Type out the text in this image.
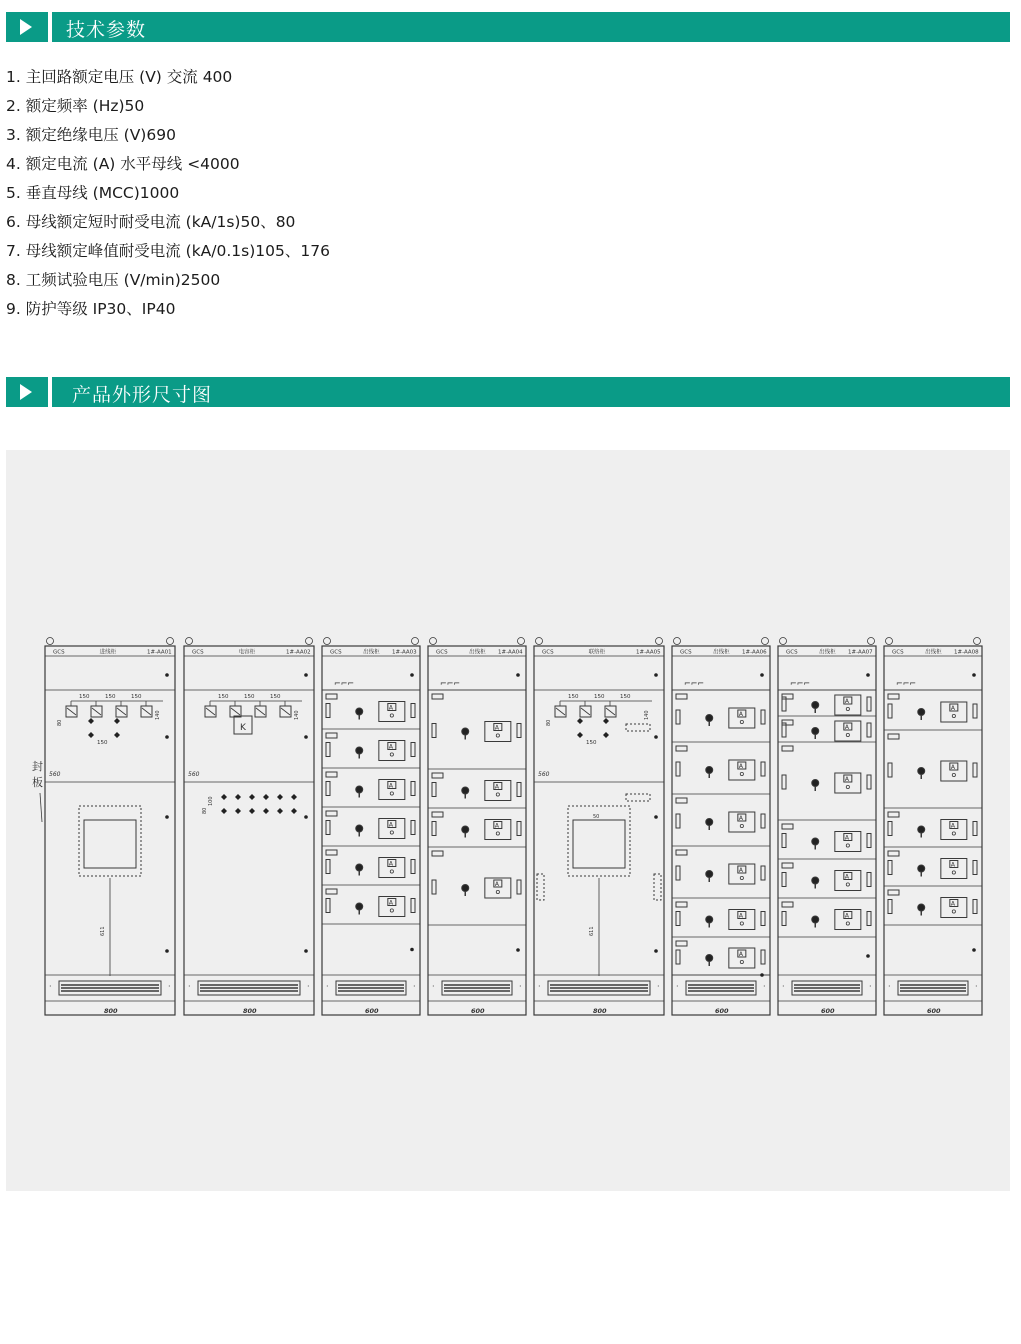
技术参数
1. 主回路额定电压 (V) 交流 400
2. 额定频率 (Hz)50
3. 额定绝缘电压 (V)690
4. 额定电流 (A) 水平母线 <4000
5. 垂直母线 (MCC)1000
6. 母线额定短时耐受电流 (kA/1s)50、80
7. 母线额定峰值耐受电流 (kA/0.1s)105、176
8. 工频试验电压 (V/min)2500
9. 防护等级 IP30、IP40
产品外形尺寸图
封
板
GCS	进线柜	1#-AA01
·	·
800
560
150	150	150
140
150
80
611
GCS	电容柜	1#-AA02
·	·
800
560
150	150	150
140
K
80
100
GCS	出线柜 1#-AA03
·	·
600
⌐⌐⌐
A
A
A
A
A
A
GCS	出线柜 1#-AA04
·	·
600
⌐⌐⌐
A
A
A
A
GCS	联络柜	1#-AA05
·	·
800
560
150	150	150
140
150
80
611
50
GCS	出线柜 1#-AA06
·	·
600
⌐⌐⌐
A
A
A
A
A
A
GCS	出线柜 1#-AA07
·	·
600
⌐⌐⌐
A
A
A
A
A
A
GCS	出线柜 1#-AA08
·	·
600
⌐⌐⌐
A
A
A
A
A
